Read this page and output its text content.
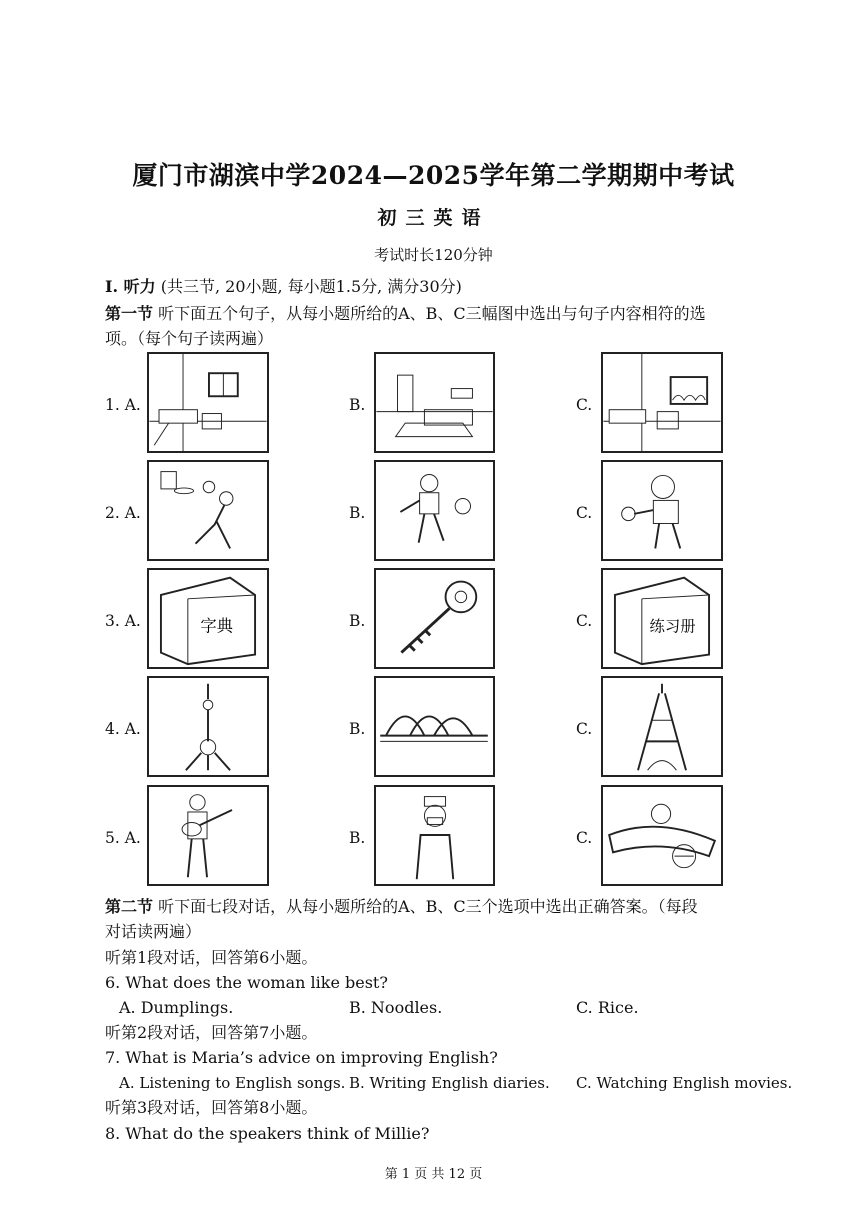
厦门市湖滨中学2024—2025学年第二学期期中考试
初三英语
考试时长120分钟
I. 听力 (共三节, 20小题, 每小题1.5分, 满分30分)
第一节 听下面五个句子，从每小题所给的A、B、C三幅图中选出与句子内容相符的选
项。（每个句子读两遍）
1. A.	B.	C.
2. A.	B.	C.
3. A.	字典	B.	C.	练习册
4. A.	B.	C.
5. A.	B.	C.
第二节 听下面七段对话，从每小题所给的A、B、C三个选项中选出正确答案。（每段
对话读两遍）
听第1段对话，回答第6小题。
6. What does the woman like best?
A. Dumplings.	B. Noodles.	C. Rice.
听第2段对话，回答第7小题。
7. What is Maria’s advice on improving English?
A. Listening to English songs. B. Writing English diaries. C. Watching English movies.
听第3段对话，回答第8小题。
8. What do the speakers think of Millie?
第 1 页 共 12 页
